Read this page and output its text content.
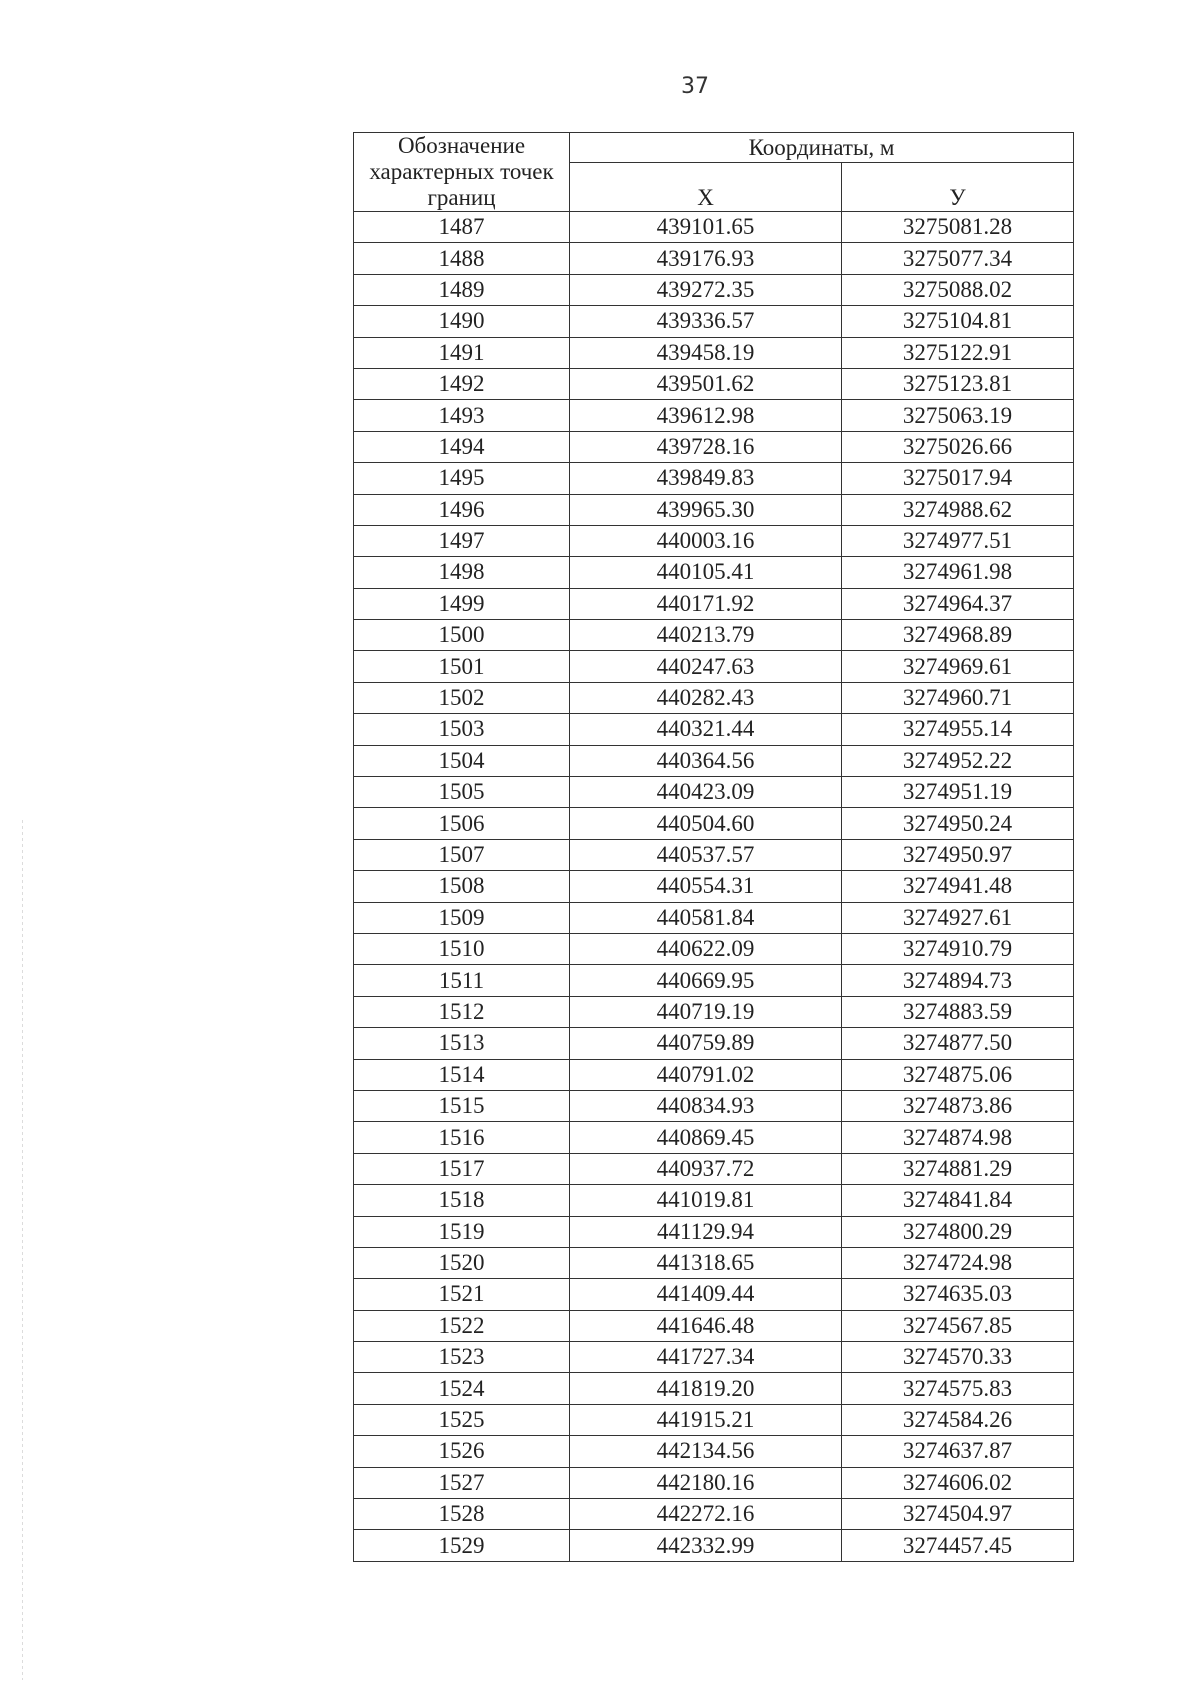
37
Обозначение характерных точек границ	Координаты, м	
	Х	У
1487	439101.65	3275081.28
1488	439176.93	3275077.34
1489	439272.35	3275088.02
1490	439336.57	3275104.81
1491	439458.19	3275122.91
1492	439501.62	3275123.81
1493	439612.98	3275063.19
1494	439728.16	3275026.66
1495	439849.83	3275017.94
1496	439965.30	3274988.62
1497	440003.16	3274977.51
1498	440105.41	3274961.98
1499	440171.92	3274964.37
1500	440213.79	3274968.89
1501	440247.63	3274969.61
1502	440282.43	3274960.71
1503	440321.44	3274955.14
1504	440364.56	3274952.22
1505	440423.09	3274951.19
1506	440504.60	3274950.24
1507	440537.57	3274950.97
1508	440554.31	3274941.48
1509	440581.84	3274927.61
1510	440622.09	3274910.79
1511	440669.95	3274894.73
1512	440719.19	3274883.59
1513	440759.89	3274877.50
1514	440791.02	3274875.06
1515	440834.93	3274873.86
1516	440869.45	3274874.98
1517	440937.72	3274881.29
1518	441019.81	3274841.84
1519	441129.94	3274800.29
1520	441318.65	3274724.98
1521	441409.44	3274635.03
1522	441646.48	3274567.85
1523	441727.34	3274570.33
1524	441819.20	3274575.83
1525	441915.21	3274584.26
1526	442134.56	3274637.87
1527	442180.16	3274606.02
1528	442272.16	3274504.97
1529	442332.99	3274457.45
